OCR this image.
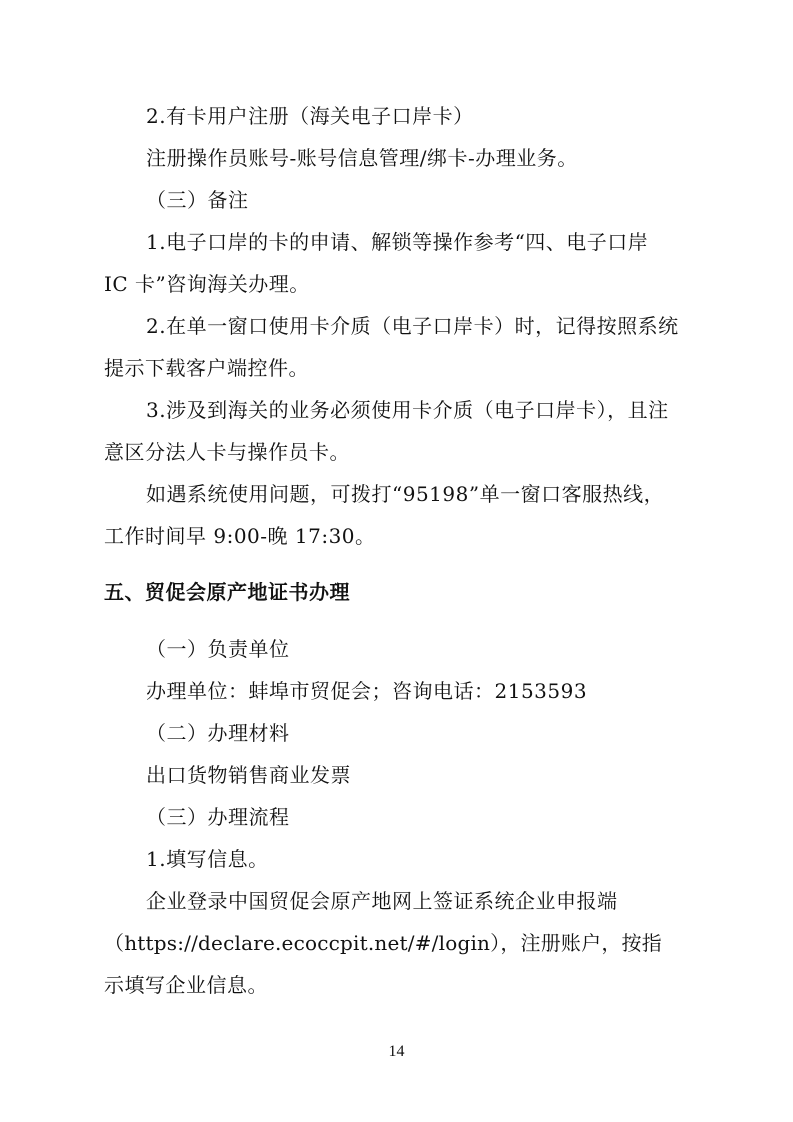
2.有卡用户注册（海关电子口岸卡）
注册操作员账号-账号信息管理/绑卡-办理业务。
（三）备注
1.电子口岸的卡的申请、解锁等操作参考“四、电子口岸
IC 卡”咨询海关办理。
2.在单一窗口使用卡介质（电子口岸卡）时，记得按照系统
提示下载客户端控件。
3.涉及到海关的业务必须使用卡介质（电子口岸卡），且注
意区分法人卡与操作员卡。
如遇系统使用问题，可拨打“95198”单一窗口客服热线，
工作时间早 9:00-晚 17:30。
五、贸促会原产地证书办理
（一）负责单位
办理单位：蚌埠市贸促会；咨询电话：2153593
（二）办理材料
出口货物销售商业发票
（三）办理流程
1.填写信息。
企业登录中国贸促会原产地网上签证系统企业申报端
（https://declare.ecoccpit.net/#/login），注册账户，按指
示填写企业信息。
14
